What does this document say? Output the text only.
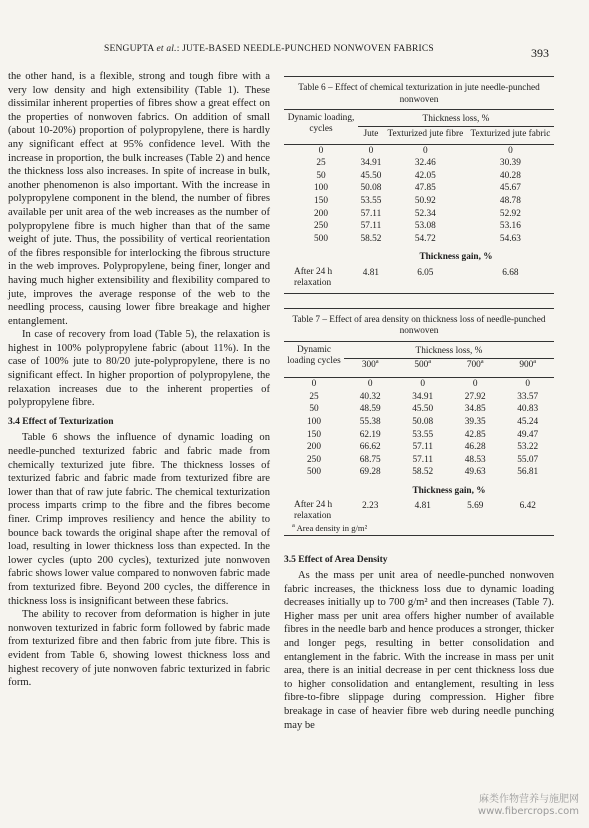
SENGUPTA et al.: JUTE-BASED NEEDLE-PUNCHED NONWOVEN FABRICS	393

the other hand, is a flexible, strong and tough fibre with a very low density and high extensibility (Table 1). These dissimilar inherent properties of fibres show a great effect on the properties of nonwoven fabrics. On addition of small (about 10-20%) proportion of polypropylene, there is hardly any significant effect at 95% confidence level. With the increase in proportion, the bulk increases (Table 2) and hence the thickness loss also increases. In spite of increase in bulk, another phenomenon is also important. With the increase in polypropylene component in the blend, the number of fibres available per unit area of the web increases as the number of polypropylene fibre is much higher than that of the same weight of jute. Thus, the possibility of vertical reorientation of the fibres responsible for interlocking the fibrous structure in the web improves. Polypropylene, being finer, longer and having much higher extensibility and flexibility compared to jute, improves the average response of the web to the needling process, causing lower fibre breakage and higher entanglement.

In case of recovery from load (Table 5), the relaxation is highest in 100% polypropylene fabric (about 11%). In the case of 100% jute to 80/20 jute-polypropylene, there is no significant effect. In higher proportion of polypropylene, the relaxation increases due to the inherent properties of polypropylene fibre.

3.4 Effect of Texturization

Table 6 shows the influence of dynamic loading on needle-punched texturized fabric and fabric made from chemically texturized jute fibre. The thickness losses of texturized fabric and fabric made from texturized fibre are lower than that of raw jute fabric. The chemical texturization process imparts crimp to the fibre and the fibres become finer. Crimp improves resiliency and hence the ability to bounce back towards the original shape after the removal of load, resulting in lower thickness loss than expected. In the lower cycles (upto 200 cycles), texturized jute nonwoven fabric shows lower value compared to nonwoven fabric made from texturized fibre. Beyond 200 cycles, the difference in thickness loss is insignificant between these fabrics.

The ability to recover from deformation is higher in jute nonwoven texturized in fabric form followed by fabric made from texturized fibre and then fabric from jute fibre. This is evident from Table 6, showing lowest thickness loss and highest recovery of jute nonwoven fabric texturized in fabric form.

Table 6 – Effect of chemical texturization in jute needle-punched nonwoven
Dynamic loading, cycles	Thickness loss, %		
	Jute	Texturized jute fibre	Texturized jute fabric
0	0	0	0
25	34.91	32.46	30.39
50	45.50	42.05	40.28
100	50.08	47.85	45.67
150	53.55	50.92	48.78
200	57.11	52.34	52.92
250	57.11	53.08	53.16
500	58.52	54.72	54.63
	Thickness gain, %		
After 24 h relaxation	4.81	6.05	6.68
Table 7 – Effect of area density on thickness loss of needle-punched nonwoven
Dynamic loading cycles	Thickness loss, %			
	300$^a$	500$^a$	700$^a$	900$^a$
0	0	0	0	0
25	40.32	34.91	27.92	33.57
50	48.59	45.50	34.85	40.83
100	55.38	50.08	39.35	45.24
150	62.19	53.55	42.85	49.47
200	66.62	57.11	46.28	53.22
250	68.75	57.11	48.53	55.07
500	69.28	58.52	49.63	56.81
	Thickness gain, %			
After 24 h relaxation	2.23	4.81	5.69	6.42
$^a$ Area density in g/m²
3.5 Effect of Area Density

As the mass per unit area of needle-punched nonwoven fabric increases, the thickness loss due to dynamic loading decreases initially up to 700 g/m² and then increases (Table 7). Higher mass per unit area offers higher number of available fibres in the needle barb and hence produces a stronger, thicker and longer pegs, resulting in better consolidation and entanglement in the fabric. With the increase in mass per unit area, there is an initial decrease in per cent thickness loss due to higher consolidation and entanglement, resulting in less fibre-to-fibre slippage during compression. Higher fibre breakage in case of heavier fibre web during needle punching may be

麻类作物营养与施肥网
www.fibercrops.com
